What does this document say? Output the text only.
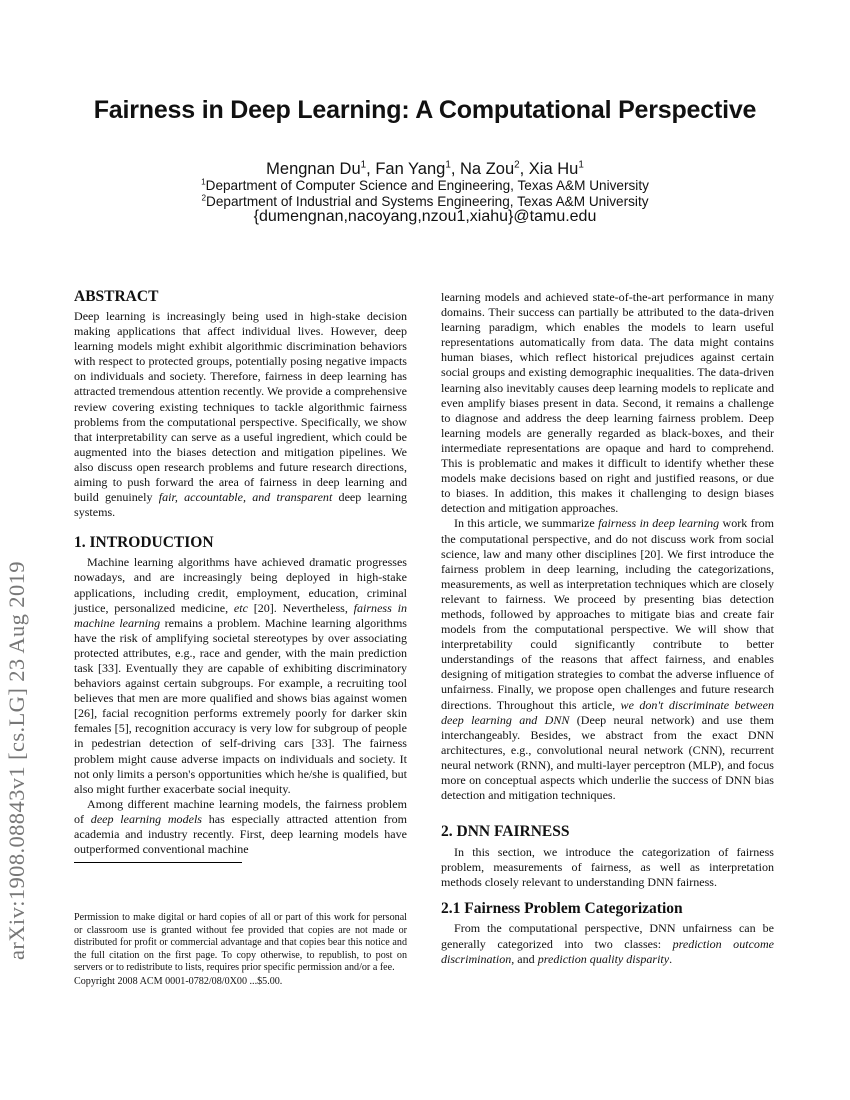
arXiv:1908.08843v1 [cs.LG] 23 Aug 2019
Fairness in Deep Learning: A Computational Perspective
Mengnan Du$^1$, Fan Yang$^1$, Na Zou$^2$, Xia Hu$^1$
$^1$Department of Computer Science and Engineering, Texas A&M University
$^2$Department of Industrial and Systems Engineering, Texas A&M University
{dumengnan,nacoyang,nzou1,xiahu}@tamu.edu
ABSTRACT

Deep learning is increasingly being used in high-stake decision making applications that affect individual lives. However, deep learning models might exhibit algorithmic discrimination behaviors with respect to protected groups, potentially posing negative impacts on individuals and society. Therefore, fairness in deep learning has attracted tremendous attention recently. We provide a comprehensive review covering existing techniques to tackle algorithmic fairness problems from the computational perspective. Specifically, we show that interpretability can serve as a useful ingredient, which could be augmented into the biases detection and mitigation pipelines. We also discuss open research problems and future research directions, aiming to push forward the area of fairness in deep learning and build genuinely fair, accountable, and transparent deep learning systems.

1. INTRODUCTION

Machine learning algorithms have achieved dramatic progresses nowadays, and are increasingly being deployed in high-stake applications, including credit, employment, education, criminal justice, personalized medicine, etc [20]. Nevertheless, fairness in machine learning remains a problem. Machine learning algorithms have the risk of amplifying societal stereotypes by over associating protected attributes, e.g., race and gender, with the main prediction task [33]. Eventually they are capable of exhibiting discriminatory behaviors against certain subgroups. For example, a recruiting tool believes that men are more qualified and shows bias against women [26], facial recognition performs extremely poorly for darker skin females [5], recognition accuracy is very low for subgroup of people in pedestrian detection of self-driving cars [33]. The fairness problem might cause adverse impacts on individuals and society. It not only limits a person's opportunities which he/she is qualified, but also might further exacerbate social inequity.

Among different machine learning models, the fairness problem of deep learning models has especially attracted attention from academia and industry recently. First, deep learning models have outperformed conventional machine

Permission to make digital or hard copies of all or part of this work for personal or classroom use is granted without fee provided that copies are not made or distributed for profit or commercial advantage and that copies bear this notice and the full citation on the first page. To copy otherwise, to republish, to post on servers or to redistribute to lists, requires prior specific permission and/or a fee.
Copyright 2008 ACM 0001-0782/08/0X00 ...$5.00.

learning models and achieved state-of-the-art performance in many domains. Their success can partially be attributed to the data-driven learning paradigm, which enables the models to learn useful representations automatically from data. The data might contains human biases, which reflect historical prejudices against certain social groups and existing demographic inequalities. The data-driven learning also inevitably causes deep learning models to replicate and even amplify biases present in data. Second, it remains a challenge to diagnose and address the deep learning fairness problem. Deep learning models are generally regarded as black-boxes, and their intermediate representations are opaque and hard to comprehend. This is problematic and makes it difficult to identify whether these models make decisions based on right and justified reasons, or due to biases. In addition, this makes it challenging to design biases detection and mitigation approaches.

In this article, we summarize fairness in deep learning work from the computational perspective, and do not discuss work from social science, law and many other disciplines [20]. We first introduce the fairness problem in deep learning, including the categorizations, measurements, as well as interpretation techniques which are closely relevant to fairness. We proceed by presenting bias detection methods, followed by approaches to mitigate bias and create fair models from the computational perspective. We will show that interpretability could significantly contribute to better understandings of the reasons that affect fairness, and enables designing of mitigation strategies to combat the adverse influence of unfairness. Finally, we propose open challenges and future research directions. Throughout this article, we don't discriminate between deep learning and DNN (Deep neural network) and use them interchangeably. Besides, we abstract from the exact DNN architectures, e.g., convolutional neural network (CNN), recurrent neural network (RNN), and multi-layer perceptron (MLP), and focus more on conceptual aspects which underlie the success of DNN bias detection and mitigation techniques.

2. DNN FAIRNESS

In this section, we introduce the categorization of fairness problem, measurements of fairness, as well as interpretation methods closely relevant to understanding DNN fairness.

2.1 Fairness Problem Categorization

From the computational perspective, DNN unfairness can be generally categorized into two classes: prediction outcome discrimination, and prediction quality disparity.
